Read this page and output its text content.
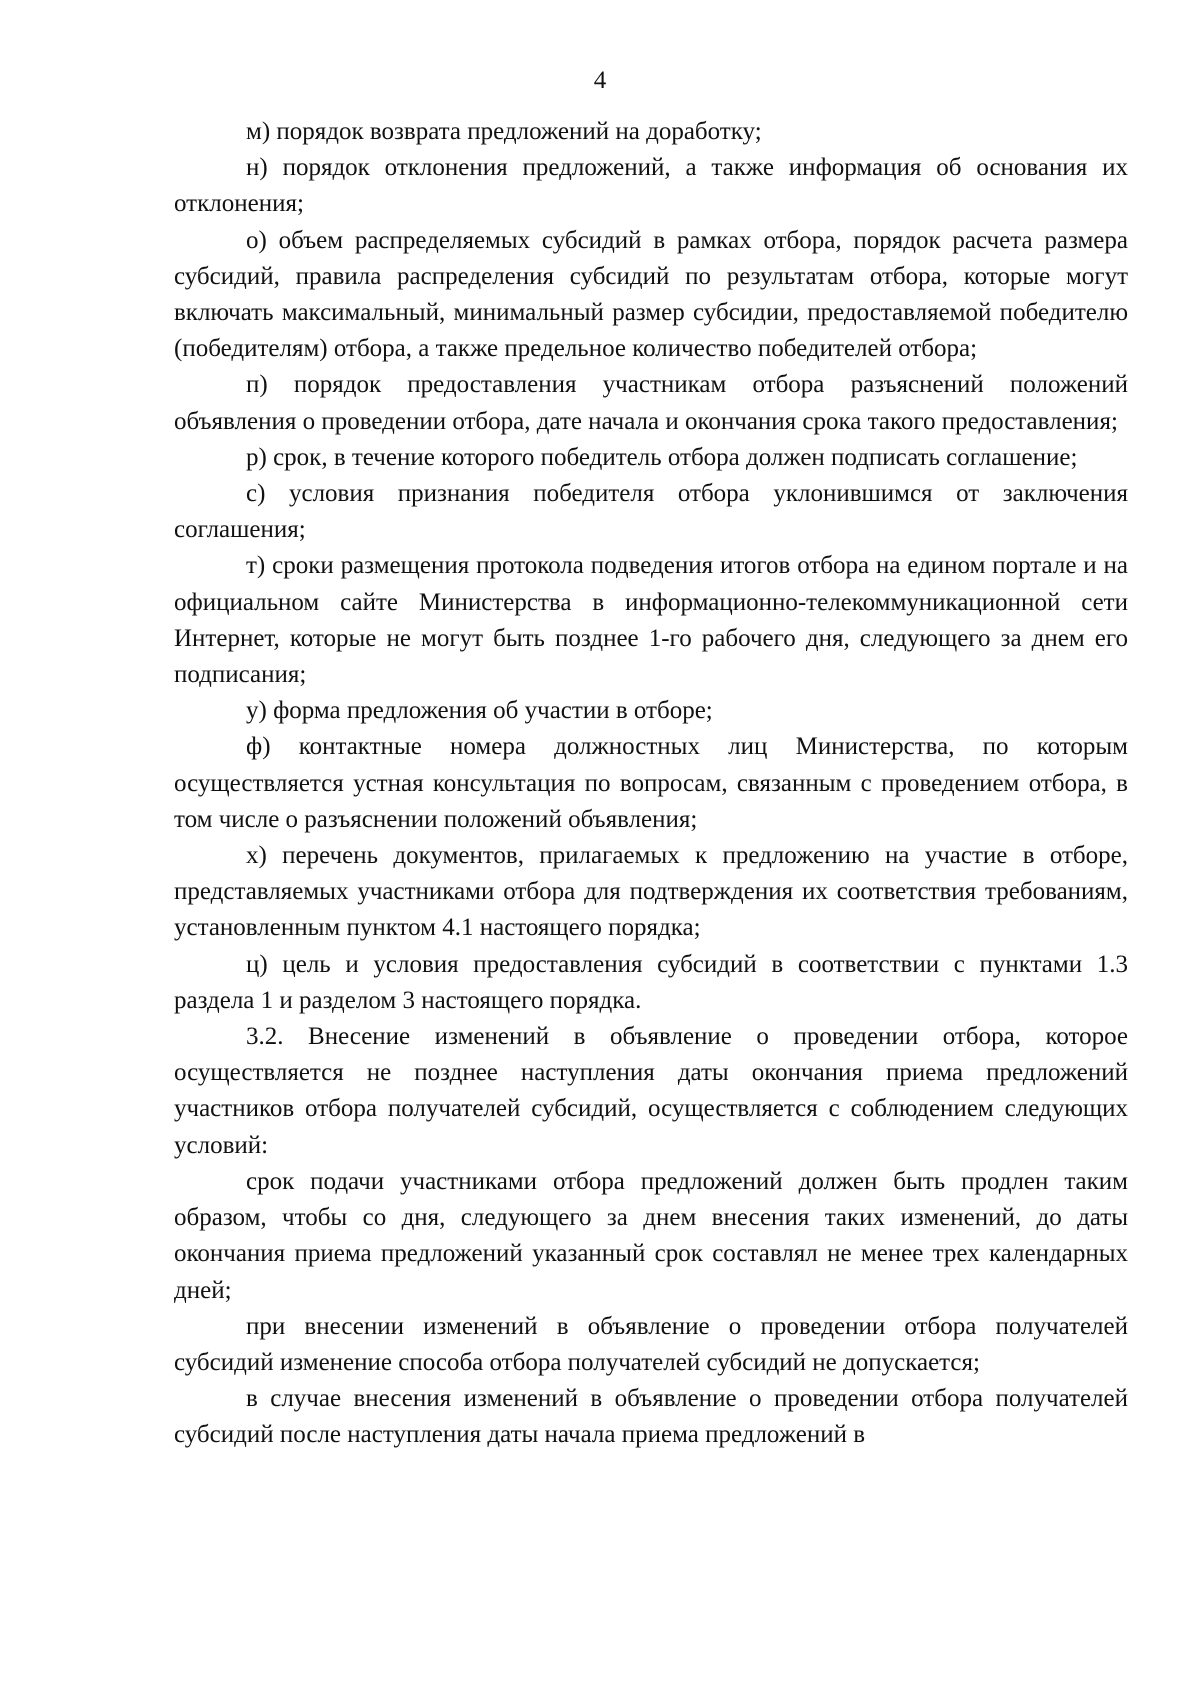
4

м) порядок возврата предложений на доработку;

н) порядок отклонения предложений, а также информация об основания их отклонения;

о) объем распределяемых субсидий в рамках отбора, порядок расчета размера субсидий, правила распределения субсидий по результатам отбора, которые могут включать максимальный, минимальный размер субсидии, предоставляемой победителю (победителям) отбора, а также предельное количество победителей отбора;

п) порядок предоставления участникам отбора разъяснений положений объявления о проведении отбора, дате начала и окончания срока такого предоставления;

р) срок, в течение которого победитель отбора должен подписать соглашение;

с) условия признания победителя отбора уклонившимся от заключения соглашения;

т) сроки размещения протокола подведения итогов отбора на едином портале и на официальном сайте Министерства в информационно-телекоммуникационной сети Интернет, которые не могут быть позднее 1-го рабочего дня, следующего за днем его подписания;

у) форма предложения об участии в отборе;

ф) контактные номера должностных лиц Министерства, по которым осуществляется устная консультация по вопросам, связанным с проведением отбора, в том числе о разъяснении положений объявления;

х) перечень документов, прилагаемых к предложению на участие в отборе, представляемых участниками отбора для подтверждения их соответствия требованиям, установленным пунктом 4.1 настоящего порядка;

ц) цель и условия предоставления субсидий в соответствии с пунктами 1.3 раздела 1 и разделом 3 настоящего порядка.

3.2. Внесение изменений в объявление о проведении отбора, которое осуществляется не позднее наступления даты окончания приема предложений участников отбора получателей субсидий, осуществляется с соблюдением следующих условий:

срок подачи участниками отбора предложений должен быть продлен таким образом, чтобы со дня, следующего за днем внесения таких изменений, до даты окончания приема предложений указанный срок составлял не менее трех календарных дней;

при внесении изменений в объявление о проведении отбора получателей субсидий изменение способа отбора получателей субсидий не допускается;

в случае внесения изменений в объявление о проведении отбора получателей субсидий после наступления даты начала приема предложений в
